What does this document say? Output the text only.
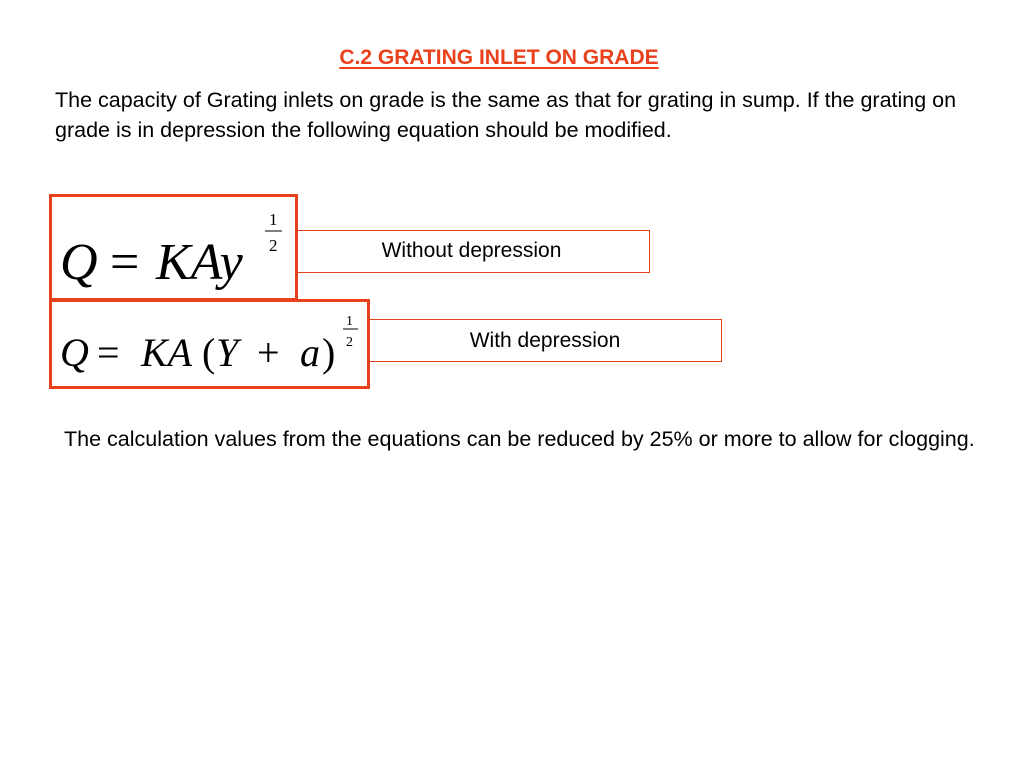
C.2 GRATING INLET ON GRADE

The capacity of Grating inlets on grade is the same as that for grating in sump. If the grating on grade is in depression the following equation should be modified.

Without depression
Q = KAy
1
2
With depression
Q = KA ( Y + a )
1
2

The calculation values from the equations can be reduced by 25% or more to allow for clogging.
